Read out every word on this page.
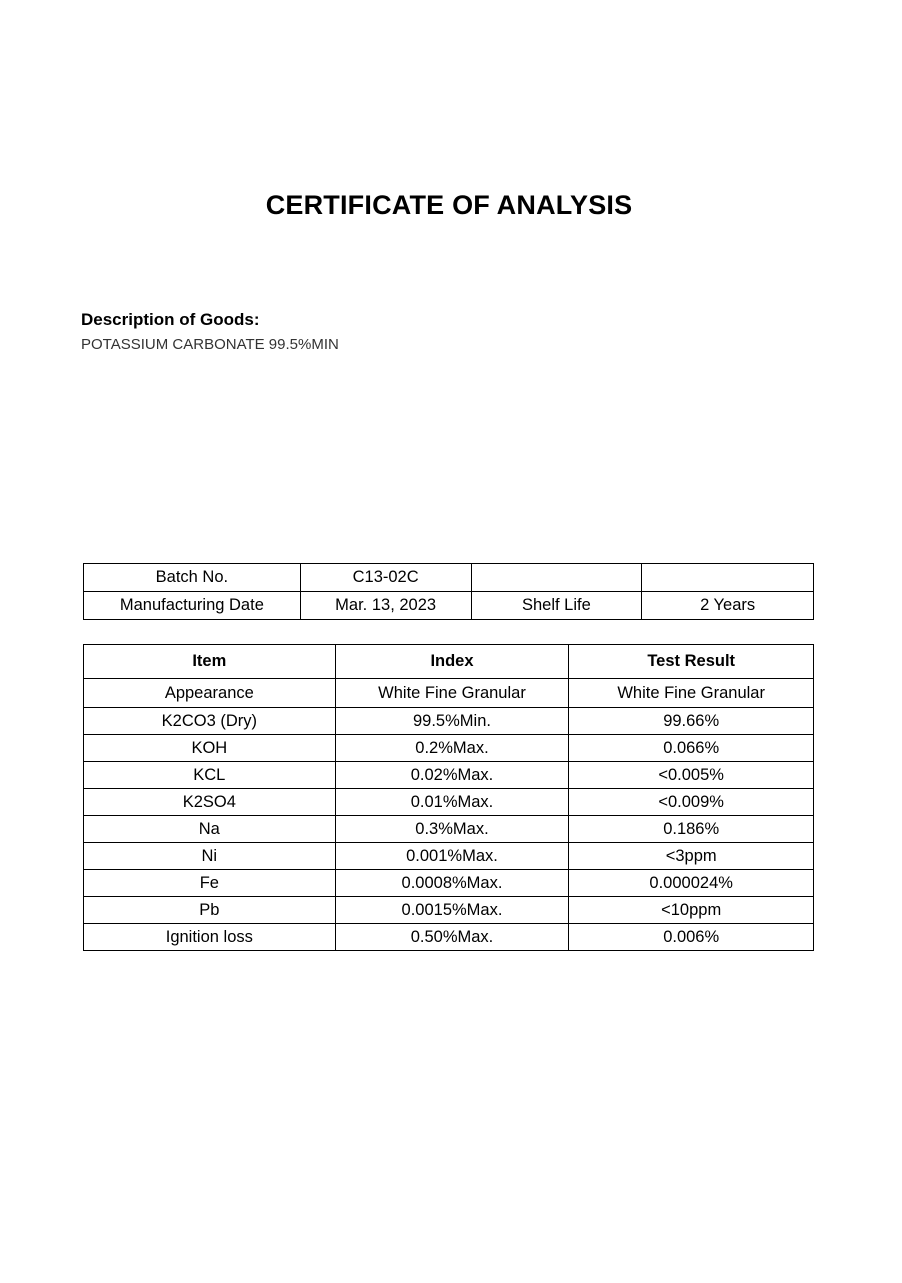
CERTIFICATE OF ANALYSIS
Description of Goods:
POTASSIUM CARBONATE 99.5%MIN
Batch No.	C13-02C		
Manufacturing Date	Mar. 13, 2023	Shelf Life	2 Years
Item	Index	Test Result
Appearance	White Fine Granular	White Fine Granular
K2CO3 (Dry)	99.5%Min.	99.66%
KOH	0.2%Max.	0.066%
KCL	0.02%Max.	<0.005%
K2SO4	0.01%Max.	<0.009%
Na	0.3%Max.	0.186%
Ni	0.001%Max.	<3ppm
Fe	0.0008%Max.	0.000024%
Pb	0.0015%Max.	<10ppm
Ignition loss	0.50%Max.	0.006%
